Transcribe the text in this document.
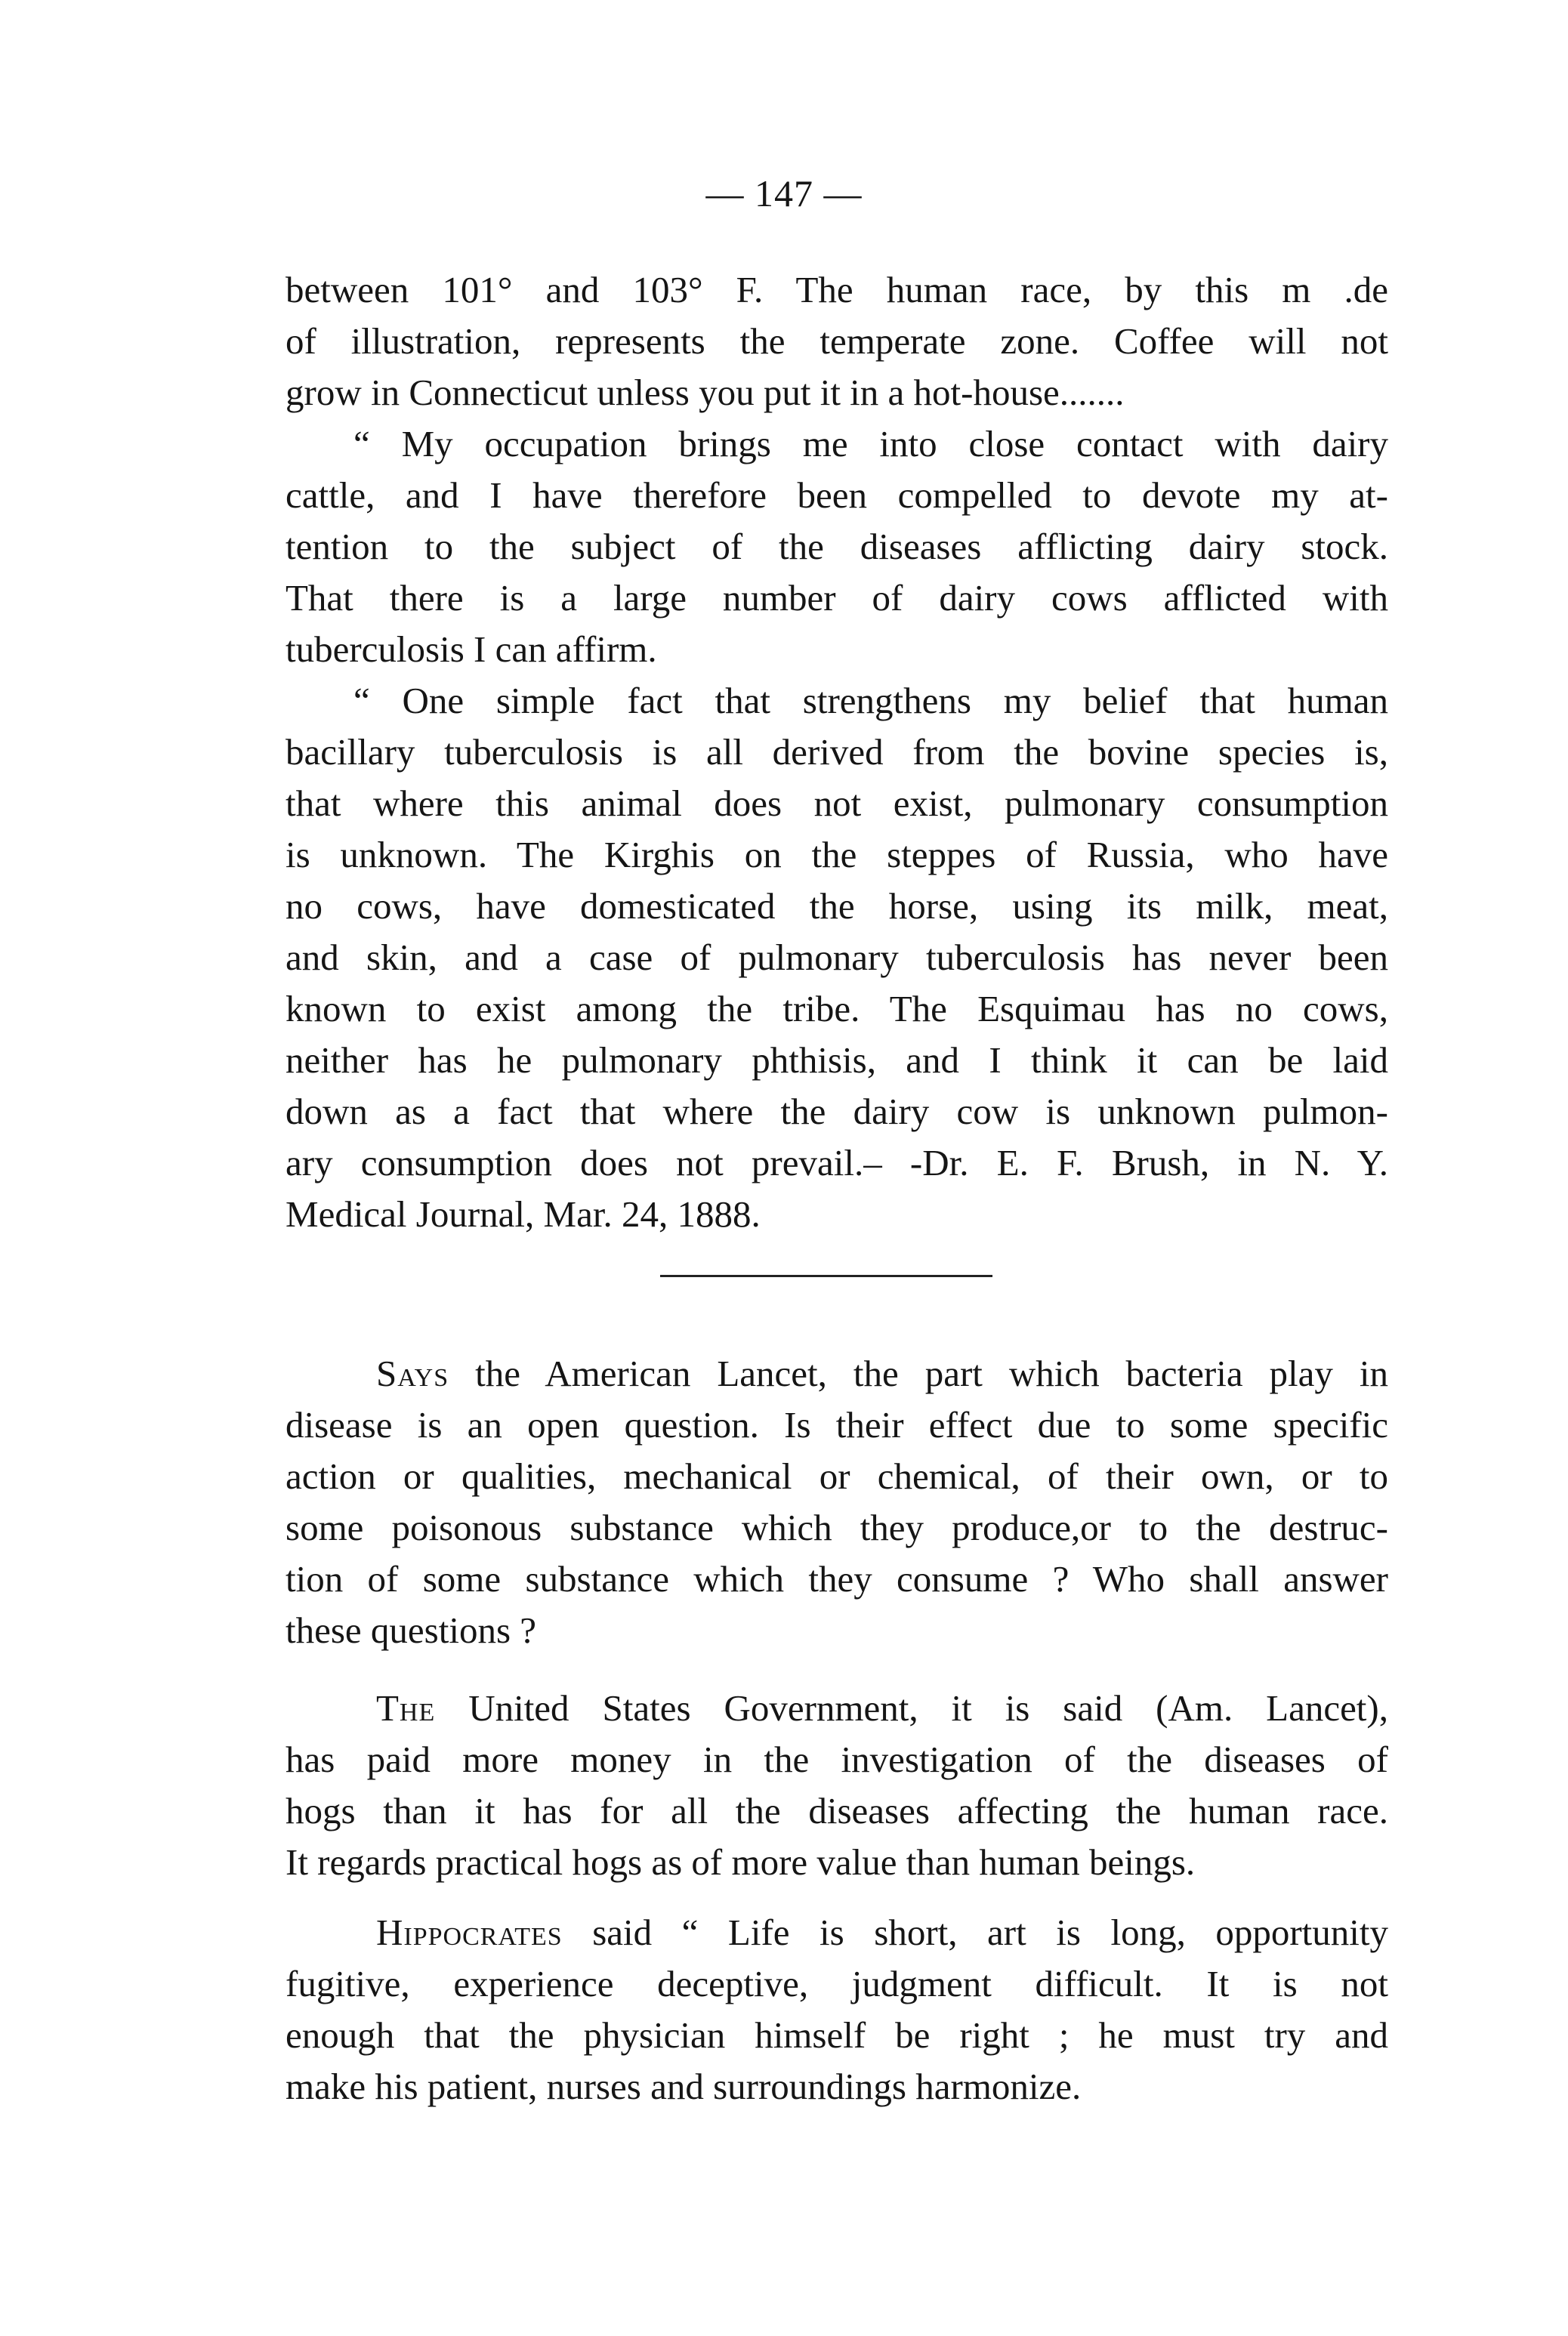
— 147 —
between 101° and 103° F. The human race, by this m .de
of illustration, represents the temperate zone. Coffee will not
grow in Connecticut unless you put it in a hot-house.......
“ My occupation brings me into close contact with dairy
cattle, and I have therefore been compelled to devote my at-
tention to the subject of the diseases afflicting dairy stock.
That there is a large number of dairy cows afflicted with
tuberculosis I can affirm.
“ One simple fact that strengthens my belief that human
bacillary tuberculosis is all derived from the bovine species is,
that where this animal does not exist, pulmonary consumption
is unknown. The Kirghis on the steppes of Russia, who have
no cows, have domesticated the horse, using its milk, meat,
and skin, and a case of pulmonary tuberculosis has never been
known to exist among the tribe. The Esquimau has no cows,
neither has he pulmonary phthisis, and I think it can be laid
down as a fact that where the dairy cow is unknown pulmon-
ary consumption does not prevail.– -Dr. E. F. Brush, in N. Y.
Medical Journal, Mar. 24, 1888.
Says the American Lancet, the part which bacteria play in
disease is an open question. Is their effect due to some specific
action or qualities, mechanical or chemical, of their own, or to
some poisonous substance which they produce,or to the destruc-
tion of some substance which they consume ? Who shall answer
these questions ?
The United States Government, it is said (Am. Lancet),
has paid more money in the investigation of the diseases of
hogs than it has for all the diseases affecting the human race.
It regards practical hogs as of more value than human beings.
Hippocrates said “ Life is short, art is long, opportunity
fugitive, experience deceptive, judgment difficult. It is not
enough that the physician himself be right ; he must try and
make his patient, nurses and surroundings harmonize.
